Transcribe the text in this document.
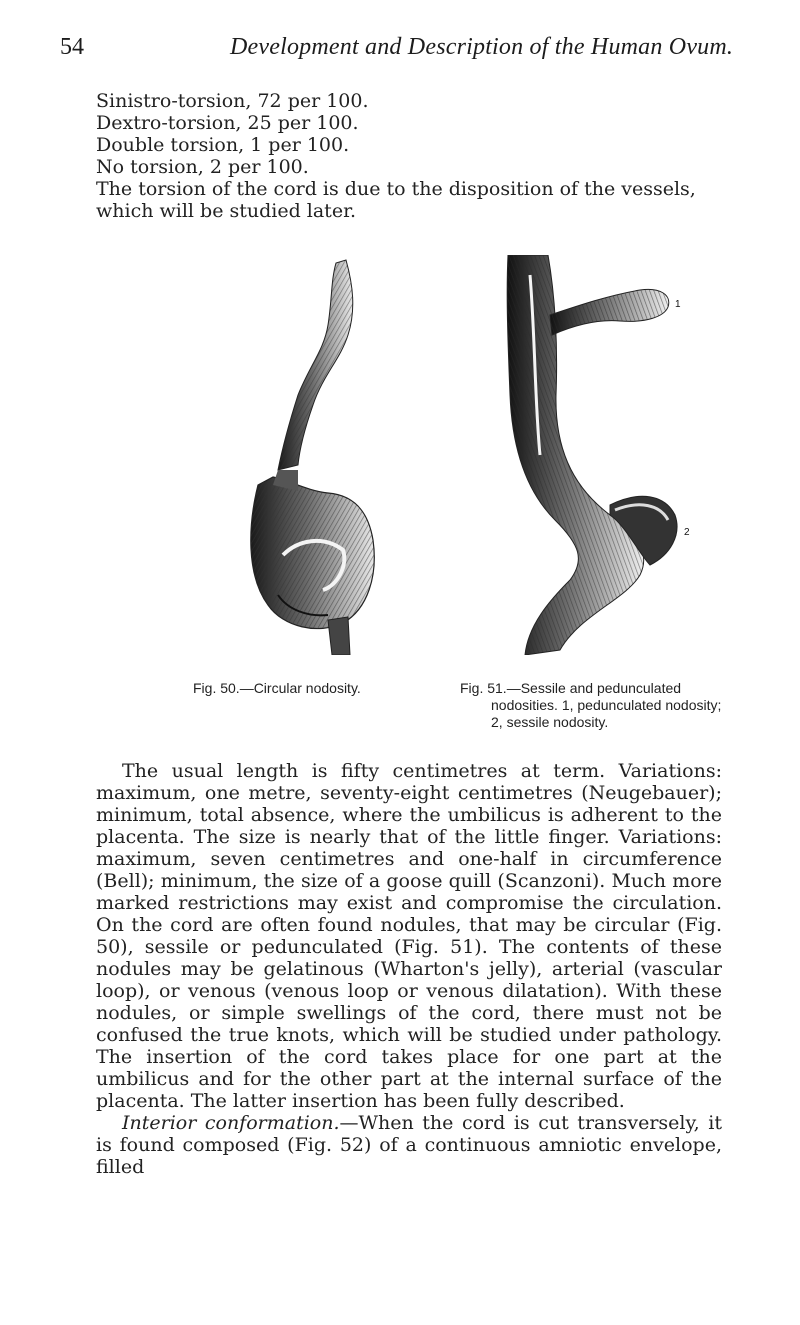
54	Development and Description of the Human Ovum.

Sinistro-torsion, 72 per 100.

Dextro-torsion, 25 per 100.

Double torsion, 1 per 100.

No torsion, 2 per 100.

The torsion of the cord is due to the disposition of the vessels, which will be studied later.

1
2
Fig. 50.—Circular nodosity.	Fig. 51.—Sessile and pedunculated
nodosities. 1, pedunculated nodosity;
2, sessile nodosity.

The usual length is fifty centimetres at term. Variations: maximum, one metre, seventy-eight centimetres (Neugebauer); minimum, total absence, where the umbilicus is adherent to the placenta. The size is nearly that of the little finger. Variations: maximum, seven centimetres and one-half in circumference (Bell); minimum, the size of a goose quill (Scanzoni). Much more marked restrictions may exist and compromise the circulation. On the cord are often found nodules, that may be circular (Fig. 50), sessile or pedunculated (Fig. 51). The contents of these nodules may be gelatinous (Wharton's jelly), arterial (vascular loop), or venous (venous loop or venous dilatation). With these nodules, or simple swellings of the cord, there must not be confused the true knots, which will be studied under pathology. The insertion of the cord takes place for one part at the umbilicus and for the other part at the internal surface of the placenta. The latter insertion has been fully described.

Interior conformation.—When the cord is cut transversely, it is found composed (Fig. 52) of a continuous amniotic envelope, filled
